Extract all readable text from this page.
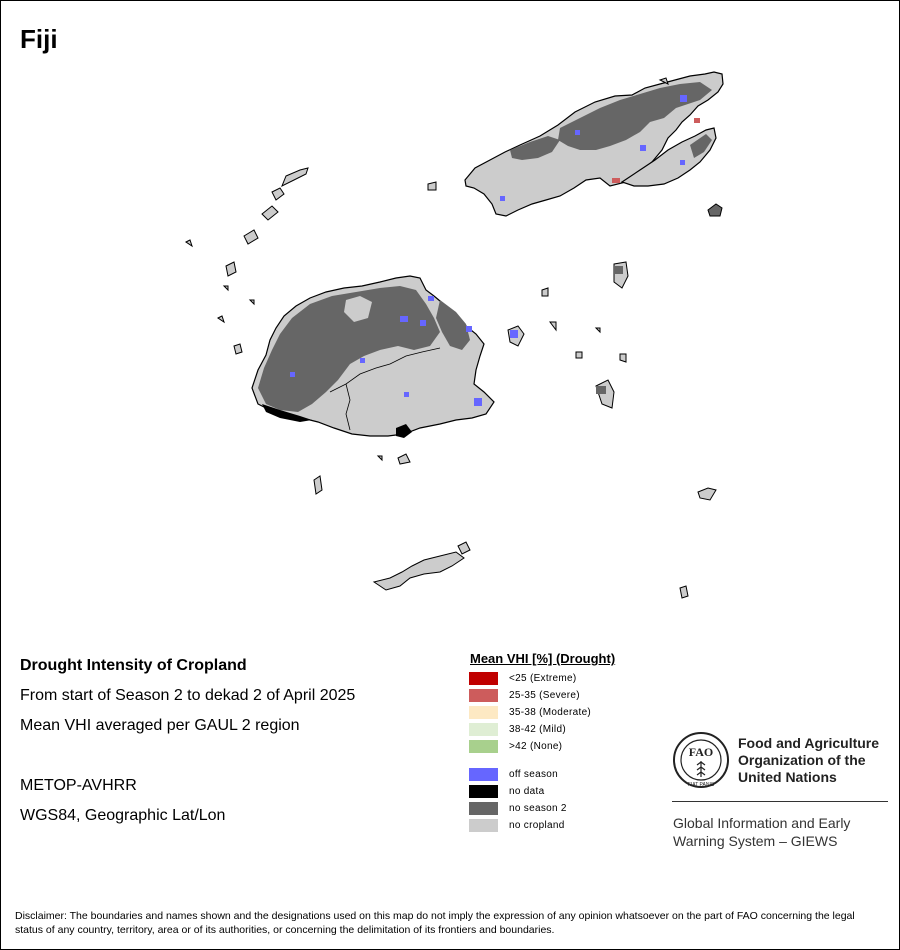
Fiji
Drought Intensity of Cropland
From start of Season 2 to dekad 2 of April 2025
Mean VHI averaged per GAUL 2 region
METOP-AVHRR
WGS84, Geographic Lat/Lon
Mean VHI [%] (Drought)
<25 (Extreme)
25-35 (Severe)
35-38 (Moderate)
38-42 (Mild)
>42 (None)
off season
no data
no season 2
no cropland
FAO
FIAT PANIS
Food and Agriculture
Organization of the
United Nations
Global Information and Early
Warning System – GIEWS
Disclaimer: The boundaries and names shown and the designations used on this map do not imply the expression of any opinion whatsoever on the part of FAO concerning the legal status of any country, territory, area or of its authorities, or concerning the delimitation of its frontiers and boundaries.
